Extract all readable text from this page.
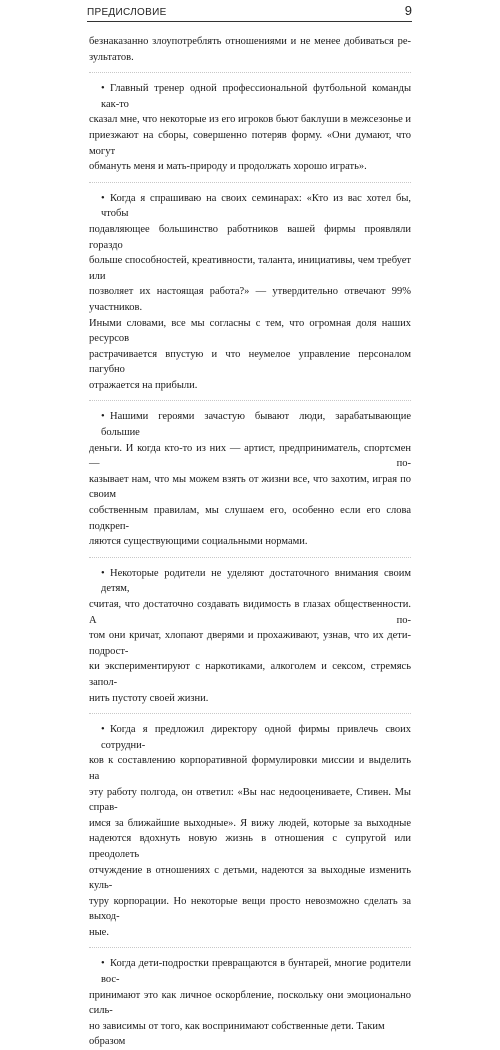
ПРЕДИСЛОВИЕ	9
безнаказанно злоупотреблять отношениями и не менее добиваться ре-
зультатов.
• Главный тренер одной профессиональной футбольной команды как-то
сказал мне, что некоторые из его игроков бьют баклуши в межсезонье и
приезжают на сборы, совершенно потеряв форму. «Они думают, что могут
обмануть меня и мать-природу и продолжать хорошо играть».
• Когда я спрашиваю на своих семинарах: «Кто из вас хотел бы, чтобы
подавляющее большинство работников вашей фирмы проявляли гораздо
больше способностей, креативности, таланта, инициативы, чем требует или
позволяет их настоящая работа?» — утвердительно отвечают 99% участников.
Иными словами, все мы согласны с тем, что огромная доля наших ресурсов
растрачивается впустую и что неумелое управление персоналом пагубно
отражается на прибыли.
• Нашими героями зачастую бывают люди, зарабатывающие большие
деньги. И когда кто-то из них — артист, предприниматель, спортсмен — по-
казывает нам, что мы можем взять от жизни все, что захотим, играя по своим
собственным правилам, мы слушаем его, особенно если его слова подкреп-
ляются существующими социальными нормами.
• Некоторые родители не уделяют достаточного внимания своим детям,
считая, что достаточно создавать видимость в глазах общественности. А пo-
том они кричат, хлопают дверями и прохаживают, узнав, что их дети-подрост-
ки экспериментируют с наркотиками, алкоголем и сексом, стремясь запол-
нить пустоту своей жизни.
• Когда я предложил директору одной фирмы привлечь своих сотрудни-
ков к составлению корпоративной формулировки миссии и выделить на
эту работу полгода, он ответил: «Вы нас недооцениваете, Стивен. Мы справ-
имся за ближайшие выходные». Я вижу людей, которые за выходные
надеются вдохнуть новую жизнь в отношения с супругой или преодолеть
отчуждение в отношениях с детьми, надеются за выходные изменить куль-
туру корпорации. Но некоторые вещи просто невозможно сделать за выход-
ные.
• Когда дети-подростки превращаются в бунтарей, многие родители вос-
принимают это как личное оскорбление, поскольку они эмоционально силь-
но зависимы от того, как воспринимают собственные дети. Таким образом
